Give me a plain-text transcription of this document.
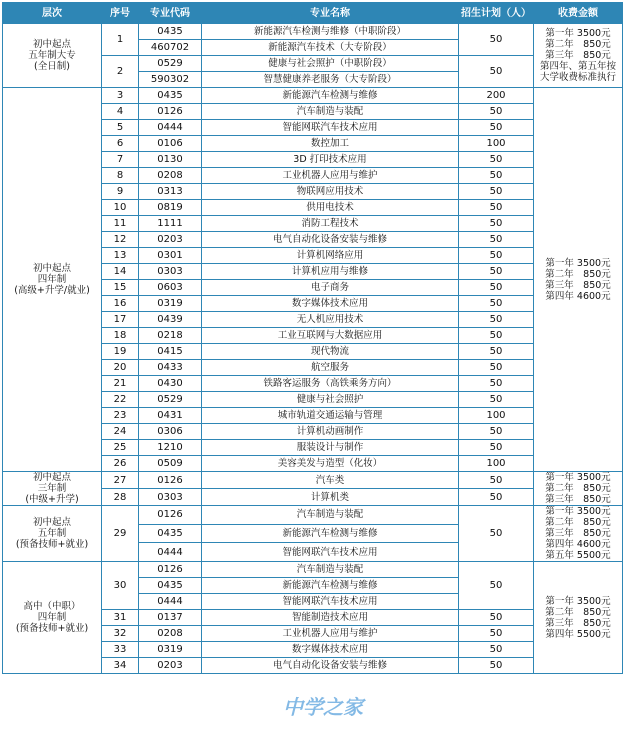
层次	序号	专业代码	专业名称	招生计划（人）	收费金额

初中起点
五年制大专
(全日制)	1	0435	新能源汽车检测与维修（中职阶段）	50	第一年 3500元
第二年　850元
第三年　850元
第四年、第五年按
大学收费标准执行

		460702	新能源汽车技术（大专阶段）		
	2	0529	健康与社会照护（中职阶段）	50	
		590302	智慧健康养老服务（大专阶段）		

初中起点
四年制
(高级+升学/就业)	3	0435	新能源汽车检测与维修	200	第一年 3500元
第二年　850元
第三年　850元
第四年 4600元

	4	0126	汽车制造与装配	50	
	5	0444	智能网联汽车技术应用	50	
	6	0106	数控加工	100	
	7	0130	3D 打印技术应用	50	
	8	0208	工业机器人应用与维护	50	
	9	0313	物联网应用技术	50	
	10	0819	供用电技术	50	
	11	1111	消防工程技术	50	
	12	0203	电气自动化设备安装与维修	50	
	13	0301	计算机网络应用	50	
	14	0303	计算机应用与维修	50	
	15	0603	电子商务	50	
	16	0319	数字媒体技术应用	50	
	17	0439	无人机应用技术	50	
	18	0218	工业互联网与大数据应用	50	
	19	0415	现代物流	50	
	20	0433	航空服务	50	
	21	0430	铁路客运服务（高铁乘务方向）	50	
	22	0529	健康与社会照护	50	
	23	0431	城市轨道交通运输与管理	100	
	24	0306	计算机动画制作	50	
	25	1210	服装设计与制作	50	
	26	0509	美容美发与造型（化妆）	100	

初中起点
三年制
(中级+升学)	27	0126	汽车类	50	第一年 3500元
第二年　850元
第三年　850元

	28	0303	计算机类	50	

初中起点
五年制
(预备技师+就业)	29	0126	汽车制造与装配	50	第一年 3500元
第二年　850元
第三年　850元
第四年 4600元
第五年 5500元

		0435	新能源汽车检测与维修		
		0444	智能网联汽车技术应用		

高中（中职）
四年制
(预备技师+就业)	30	0126	汽车制造与装配	50	第一年 3500元
第二年　850元
第三年　850元
第四年 5500元

		0435	新能源汽车检测与维修		
		0444	智能网联汽车技术应用		
	31	0137	智能制造技术应用	50	
	32	0208	工业机器人应用与维护	50	
	33	0319	数字媒体技术应用	50	
	34	0203	电气自动化设备安装与维修	50	
中学之家
